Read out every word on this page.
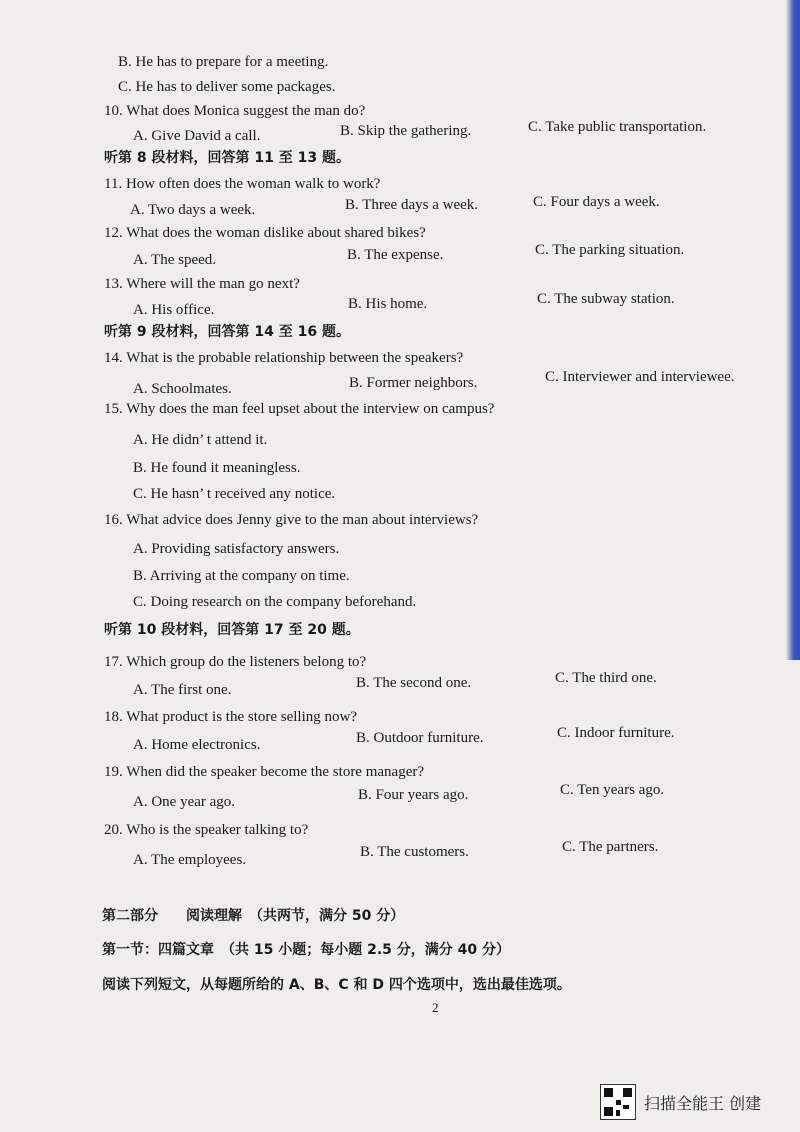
B. He has to prepare for a meeting.
C. He has to deliver some packages.
10. What does Monica suggest the man do?
A. Give David a call.	B. Skip the gathering.	C. Take public transportation.
听第 8 段材料，回答第 11 至 13 题。
11. How often does the woman walk to work?
A. Two days a week.	B. Three days a week.	C. Four days a week.
12. What does the woman dislike about shared bikes?
A. The speed.	B. The expense.	C. The parking situation.
13. Where will the man go next?
A. His office.	B. His home.	C. The subway station.
听第 9 段材料，回答第 14 至 16 题。
14. What is the probable relationship between the speakers?
A. Schoolmates.	B. Former neighbors.	C. Interviewer and interviewee.
15. Why does the man feel upset about the interview on campus?
A. He didn’ t attend it.
B. He found it meaningless.
C. He hasn’ t received any notice.
16. What advice does Jenny give to the man about interviews?
A. Providing satisfactory answers.
B. Arriving at the company on time.
C. Doing research on the company beforehand.
听第 10 段材料，回答第 17 至 20 题。
17. Which group do the listeners belong to?
A. The first one.	B. The second one.	C. The third one.
18. What product is the store selling now?
A. Home electronics.	B. Outdoor furniture.	C. Indoor furniture.
19. When did the speaker become the store manager?
A. One year ago.	B. Four years ago.	C. Ten years ago.
20. Who is the speaker talking to?
A. The employees.	B. The customers.	C. The partners.
第二部分　　阅读理解　（共两节，满分 50 分）
第一节：四篇文章　（共 15 小题；每小题 2.5 分，满分 40 分）
阅读下列短文，从每题所给的 A、B、C 和 D 四个选项中，选出最佳选项。
2
扫描全能王 创建
